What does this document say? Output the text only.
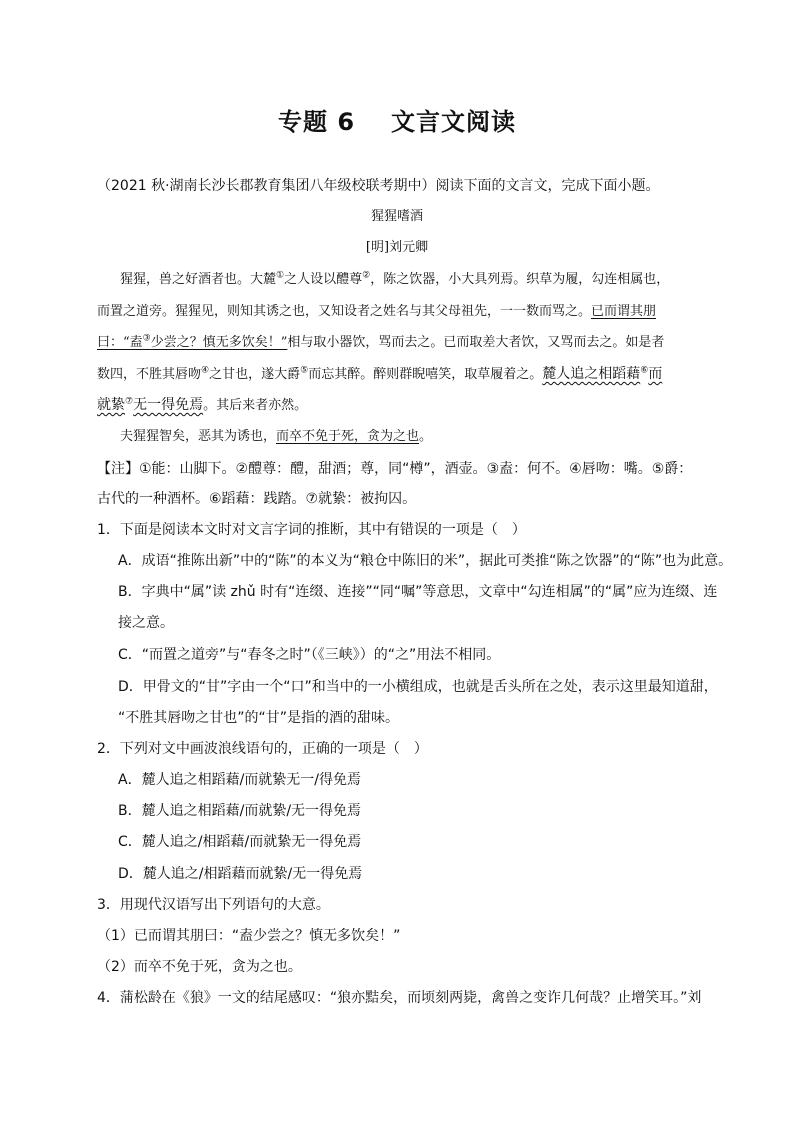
专题 6 文言文阅读
（2021 秋·湖南长沙长郡教育集团八年级校联考期中）阅读下面的文言文，完成下面小题。
猩猩嗜酒
[明]刘元卿
猩猩，兽之好酒者也。大麓①之人设以醴尊②，陈之饮器，小大具列焉。织草为履，勾连相属也，
而置之道旁。猩猩见，则知其诱之也，又知设者之姓名与其父母祖先，一一数而骂之。已而谓其朋
曰：“盍③少尝之？慎无多饮矣！”相与取小器饮，骂而去之。已而取差大者饮，又骂而去之。如是者
数四，不胜其唇吻④之甘也，遂大爵⑤而忘其醉。醉则群睨嘻笑，取草履着之。麓人追之相蹈藉⑥而
就絷⑦无一得免焉。其后来者亦然。
夫猩猩智矣，恶其为诱也，而卒不免于死，贪为之也。
【注】①能：山脚下。②醴尊：醴，甜酒；尊，同“樽”，酒壶。③盍：何不。④唇吻：嘴。⑤爵：
古代的一种酒杯。⑥蹈藉：践踏。⑦就絷：被拘囚。
1．下面是阅读本文时对文言字词的推断，其中有错误的一项是（　）
A．成语“推陈出新”中的“陈”的本义为“粮仓中陈旧的米”，据此可类推“陈之饮器”的“陈”也为此意。
B．字典中“属”读 zhǔ 时有“连缀、连接”“同“嘱”等意思，文章中“勾连相属”的“属”应为连缀、连
接之意。
C．“而置之道旁”与“春冬之时”（《三峡》）的“之”用法不相同。
D．甲骨文的“甘”字由一个“口”和当中的一小横组成，也就是舌头所在之处，表示这里最知道甜，
“不胜其唇吻之甘也”的“甘”是指的酒的甜味。
2．下列对文中画波浪线语句的，正确的一项是（　）
A．麓人追之相蹈藉/而就絷无一/得免焉
B．麓人追之相蹈藉/而就絷/无一得免焉
C．麓人追之/相蹈藉/而就絷无一得免焉
D．麓人追之/相蹈藉而就絷/无一得免焉
3．用现代汉语写出下列语句的大意。
（1）已而谓其朋曰：“盍少尝之？慎无多饮矣！”
（2）而卒不免于死，贪为之也。
4．蒲松龄在《狼》一文的结尾感叹：“狼亦黠矣，而顷刻两毙，禽兽之变诈几何哉？止增笑耳。”刘
